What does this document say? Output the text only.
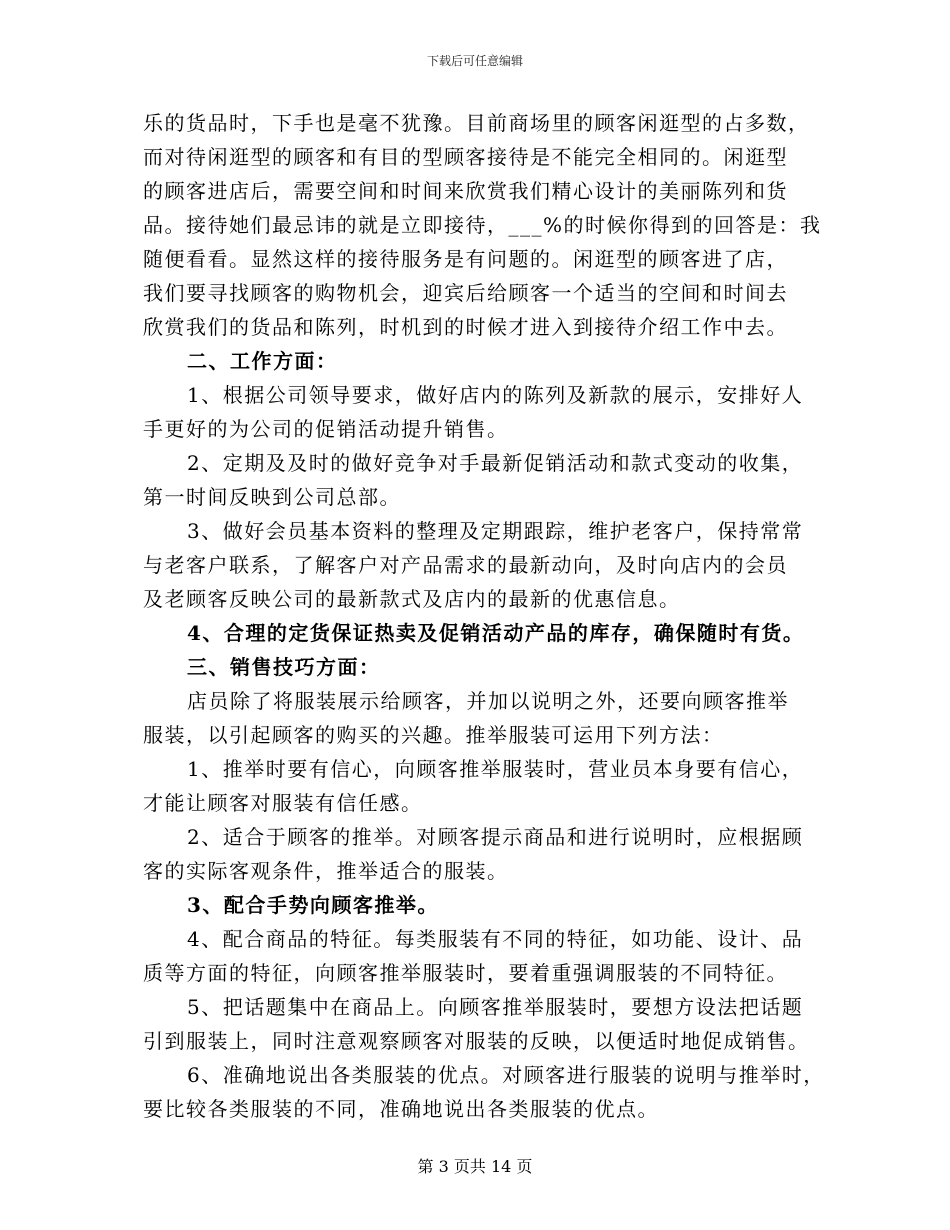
下载后可任意编辑
乐的货品时，下手也是毫不犹豫。目前商场里的顾客闲逛型的占多数，
而对待闲逛型的顾客和有目的型顾客接待是不能完全相同的。闲逛型
的顾客进店后，需要空间和时间来欣赏我们精心设计的美丽陈列和货
品。接待她们最忌讳的就是立即接待，___%的时候你得到的回答是：我
随便看看。显然这样的接待服务是有问题的。闲逛型的顾客进了店，
我们要寻找顾客的购物机会，迎宾后给顾客一个适当的空间和时间去
欣赏我们的货品和陈列，时机到的时候才进入到接待介绍工作中去。
二、工作方面：
1、根据公司领导要求，做好店内的陈列及新款的展示，安排好人
手更好的为公司的促销活动提升销售。
2、定期及及时的做好竞争对手最新促销活动和款式变动的收集，
第一时间反映到公司总部。
3、做好会员基本资料的整理及定期跟踪，维护老客户，保持常常
与老客户联系，了解客户对产品需求的最新动向，及时向店内的会员
及老顾客反映公司的最新款式及店内的最新的优惠信息。
4、合理的定货保证热卖及促销活动产品的库存，确保随时有货。
三、销售技巧方面：
店员除了将服装展示给顾客，并加以说明之外，还要向顾客推举
服装，以引起顾客的购买的兴趣。推举服装可运用下列方法：
1、推举时要有信心，向顾客推举服装时，营业员本身要有信心，
才能让顾客对服装有信任感。
2、适合于顾客的推举。对顾客提示商品和进行说明时，应根据顾
客的实际客观条件，推举适合的服装。
3、配合手势向顾客推举。
4、配合商品的特征。每类服装有不同的特征，如功能、设计、品
质等方面的特征，向顾客推举服装时，要着重强调服装的不同特征。
5、把话题集中在商品上。向顾客推举服装时，要想方设法把话题
引到服装上，同时注意观察顾客对服装的反映，以便适时地促成销售。
6、准确地说出各类服装的优点。对顾客进行服装的说明与推举时，
要比较各类服装的不同，准确地说出各类服装的优点。
第 3 页共 14 页
